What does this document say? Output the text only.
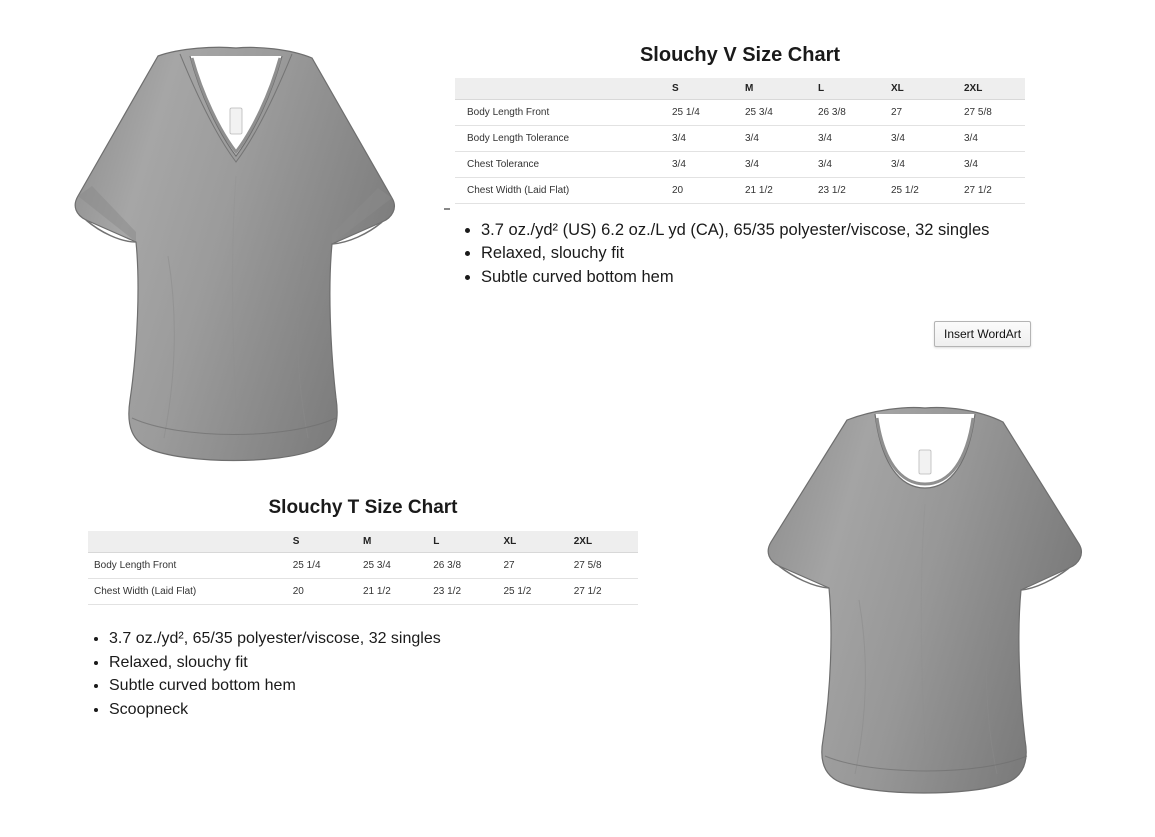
Slouchy V Size Chart
	S	M	L	XL	2XL
Body Length Front	25 1/4	25 3/4	26 3/8	27	27 5/8
Body Length Tolerance	3/4	3/4	3/4	3/4	3/4
Chest Tolerance	3/4	3/4	3/4	3/4	3/4
Chest Width (Laid Flat)	20	21 1/2	23 1/2	25 1/2	27 1/2
• 3.7 oz./yd² (US) 6.2 oz./L yd (CA), 65/35 polyester/viscose, 32 singles
• Relaxed, slouchy fit
• Subtle curved bottom hem
Insert WordArt
Slouchy T Size Chart
	S	M	L	XL	2XL
Body Length Front	25 1/4	25 3/4	26 3/8	27	27 5/8
Chest Width (Laid Flat)	20	21 1/2	23 1/2	25 1/2	27 1/2
• 3.7 oz./yd², 65/35 polyester/viscose, 32 singles
• Relaxed, slouchy fit
• Subtle curved bottom hem
• Scoopneck
